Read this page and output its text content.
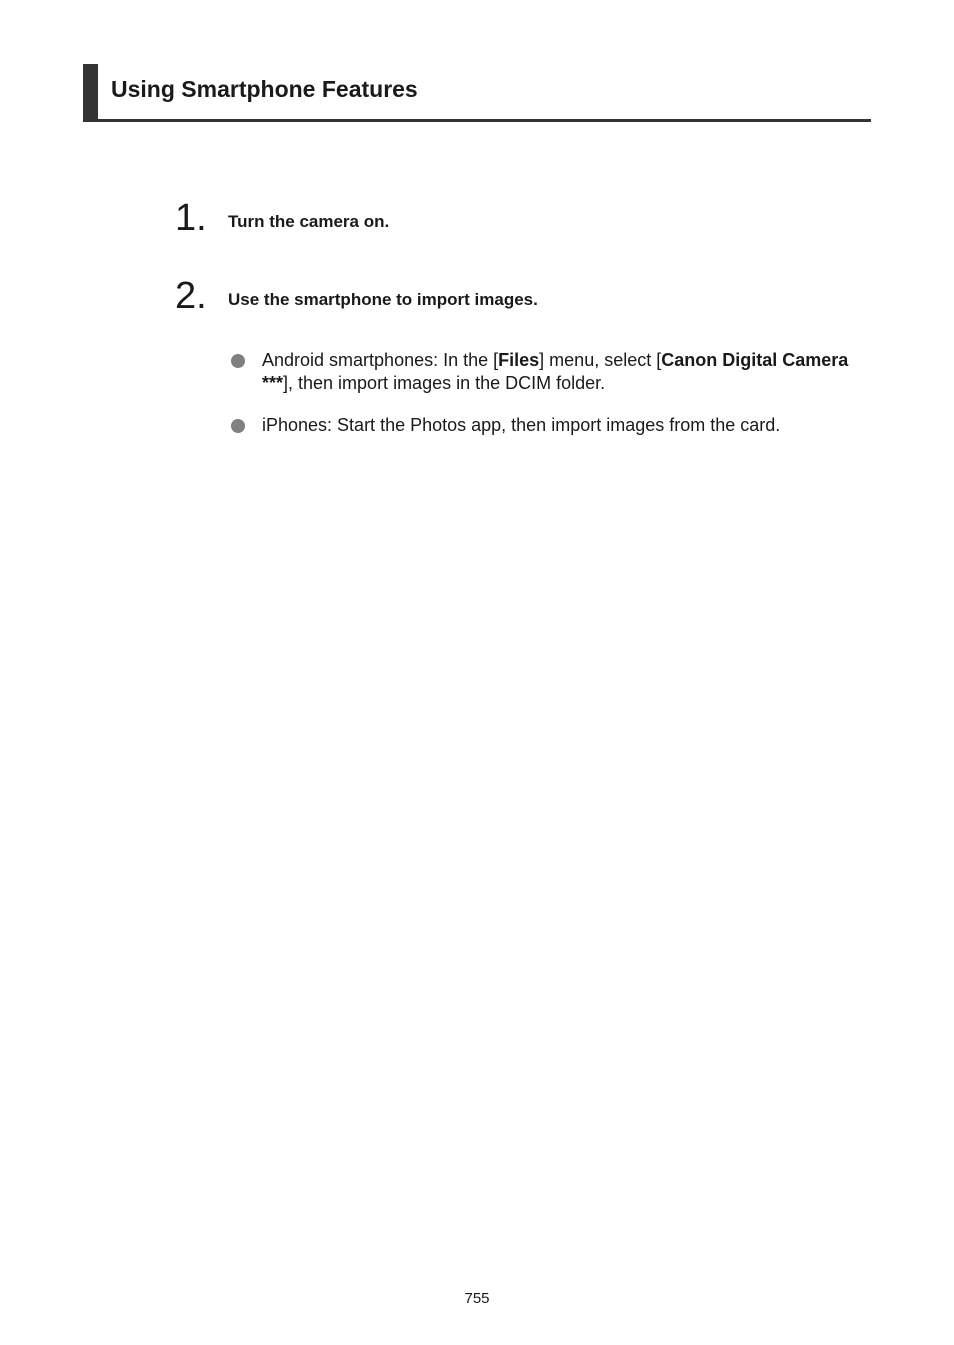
Using Smartphone Features
1. Turn the camera on.
2. Use the smartphone to import images.
Android smartphones: In the [Files] menu, select [Canon Digital Camera ***], then import images in the DCIM folder.
iPhones: Start the Photos app, then import images from the card.
755
